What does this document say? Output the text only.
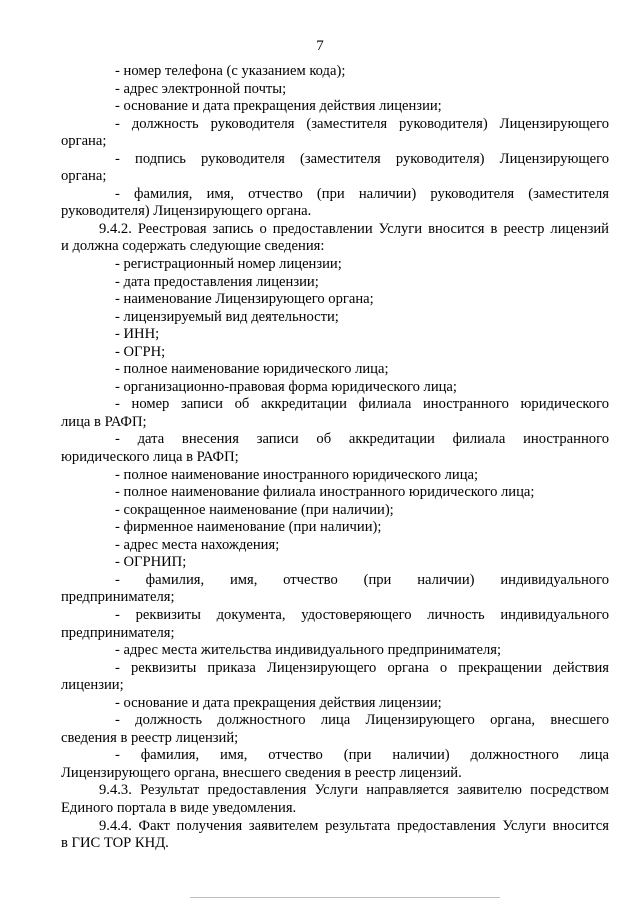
7
- номер телефона (с указанием кода);
- адрес электронной почты;
- основание и дата прекращения действия лицензии;
- должность руководителя (заместителя руководителя) Лицензирующего
органа;
- подпись руководителя (заместителя руководителя) Лицензирующего
органа;
- фамилия, имя, отчество (при наличии) руководителя (заместителя
руководителя) Лицензирующего органа.
9.4.2. Реестровая запись о предоставлении Услуги вносится в реестр лицензий
и должна содержать следующие сведения:
- регистрационный номер лицензии;
- дата предоставления лицензии;
- наименование Лицензирующего органа;
- лицензируемый вид деятельности;
- ИНН;
- ОГРН;
- полное наименование юридического лица;
- организационно-правовая форма юридического лица;
- номер записи об аккредитации филиала иностранного юридического
лица в РАФП;
- дата внесения записи об аккредитации филиала иностранного
юридического лица в РАФП;
- полное наименование иностранного юридического лица;
- полное наименование филиала иностранного юридического лица;
- сокращенное наименование (при наличии);
- фирменное наименование (при наличии);
- адрес места нахождения;
- ОГРНИП;
- фамилия, имя, отчество (при наличии) индивидуального
предпринимателя;
- реквизиты документа, удостоверяющего личность индивидуального
предпринимателя;
- адрес места жительства индивидуального предпринимателя;
- реквизиты приказа Лицензирующего органа о прекращении действия
лицензии;
- основание и дата прекращения действия лицензии;
- должность должностного лица Лицензирующего органа, внесшего
сведения в реестр лицензий;
- фамилия, имя, отчество (при наличии) должностного лица
Лицензирующего органа, внесшего сведения в реестр лицензий.
9.4.3. Результат предоставления Услуги направляется заявителю посредством
Единого портала в виде уведомления.
9.4.4. Факт получения заявителем результата предоставления Услуги вносится
в ГИС ТОР КНД.
